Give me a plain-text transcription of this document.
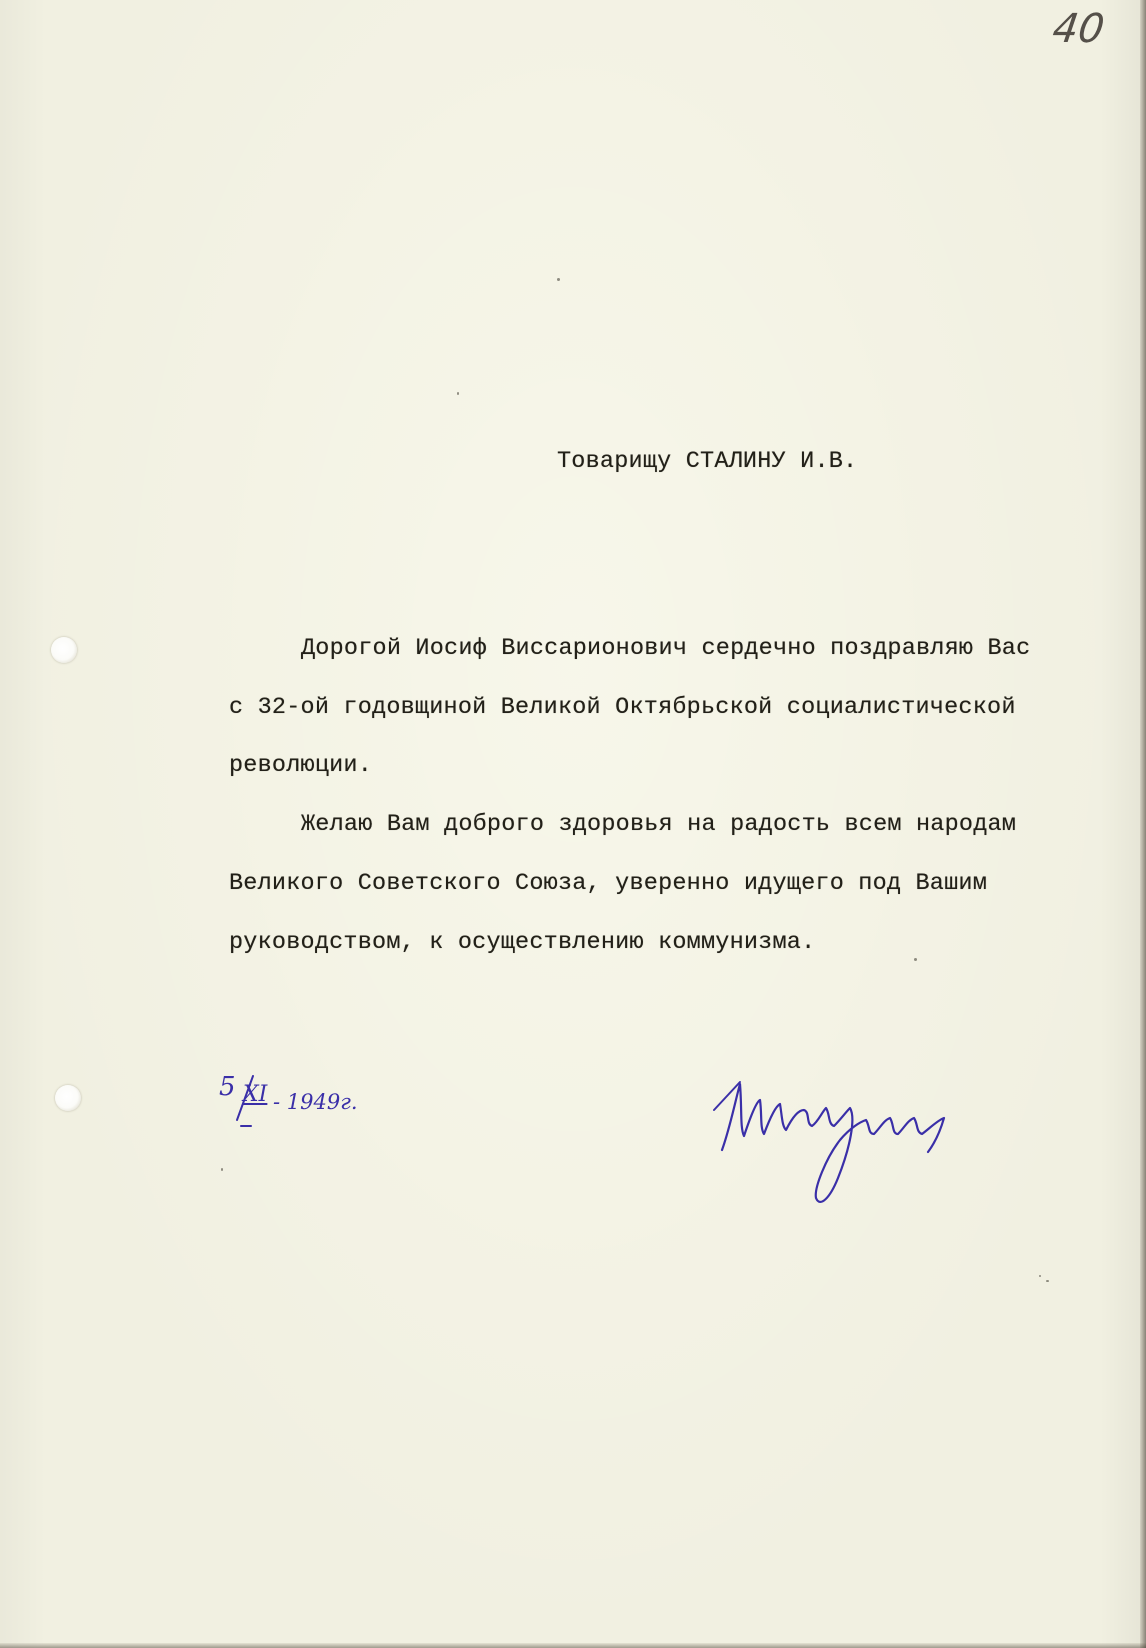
40
Товарищу СТАЛИНУ И.В.
Дорогой Иосиф Виссарионович сердечно поздравляю Вас
с 32-ой годовщиной Великой Октябрьской социалистической
революции.
Желаю Вам доброго здоровья на радость всем народам
Великого Советского Союза, уверенно идущего под Вашим
руководством, к осуществлению коммунизма.
5 XI - 1949г.
